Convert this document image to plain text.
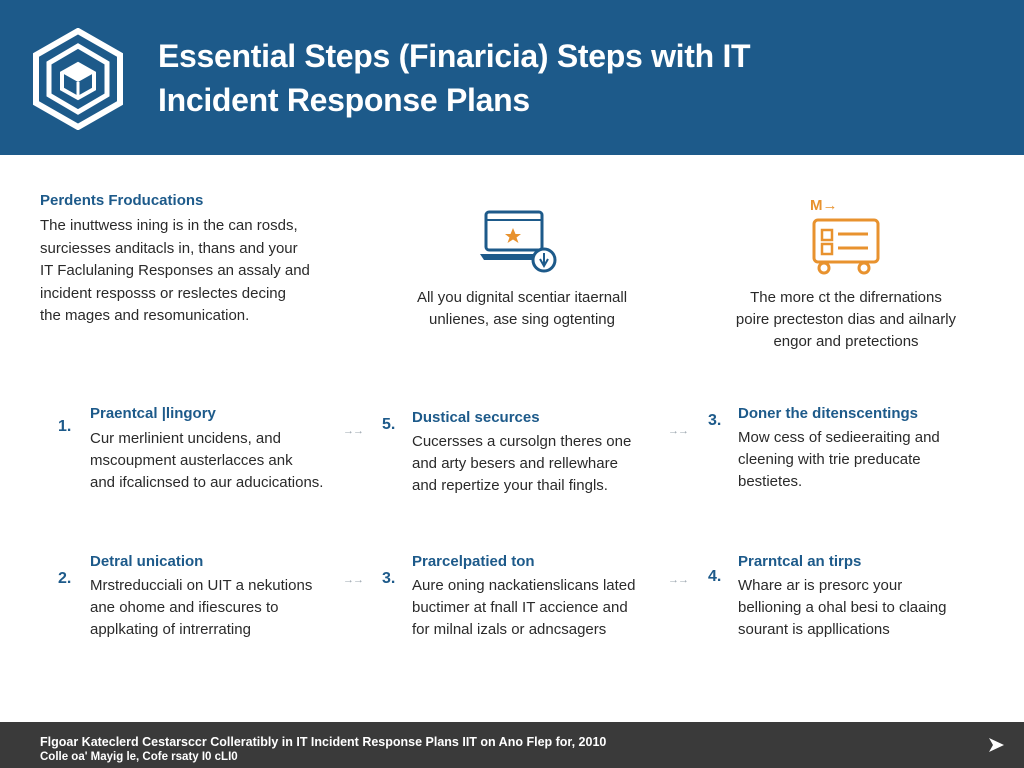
Essential Steps (Finaricia) Steps with IT
Incident Response Plans
Perdents Froducations
The inuttwess ining is in the can rosds,
surciesses anditacls in, thans and your
IT Faclulaning Responses an assaly and
incident resposss or reslectes decing
the mages and resomunication.
All you dignital scentiar itaernall
unlienes, ase sing ogtenting
M→
The more ct the difrernations
poire precteston dias and ailnarly
engor and pretections
1.
Praentcal |lingory
Cur merlinient uncidens, and
mscoupment austerlacces ank
and ifcalicnsed to aur aducications.
→→ 5. Dustical securces
Cucersses a cursolgn theres one
and arty besers and rellewhare
and repertize your thail fingls.
→→
3. Doner the ditenscentings
Mow cess of sedieeraiting and
cleening with trie preducate
bestietes.
2.
Detral unication
Mrstreducciali on UIT a nekutions
ane ohome and ifiescures to
applkating of intrerrating
→→ 3.
Prarcelpatied ton
Aure oning nackatienslicans lated
buctimer at fnall IT accience and
for milnal izals or adncsagers
→→ 4.
Prarntcal an tirps
Whare ar is presorc your
bellioning a ohal besi to claaing
sourant is appllications
Flgoar Kateclerd Cestarsccr Colleratibly in IT Incident Response Plans IIT on Ano Flep for, 2010
Colle oa' Mayig le, Cofe rsaty I0 cLI0
